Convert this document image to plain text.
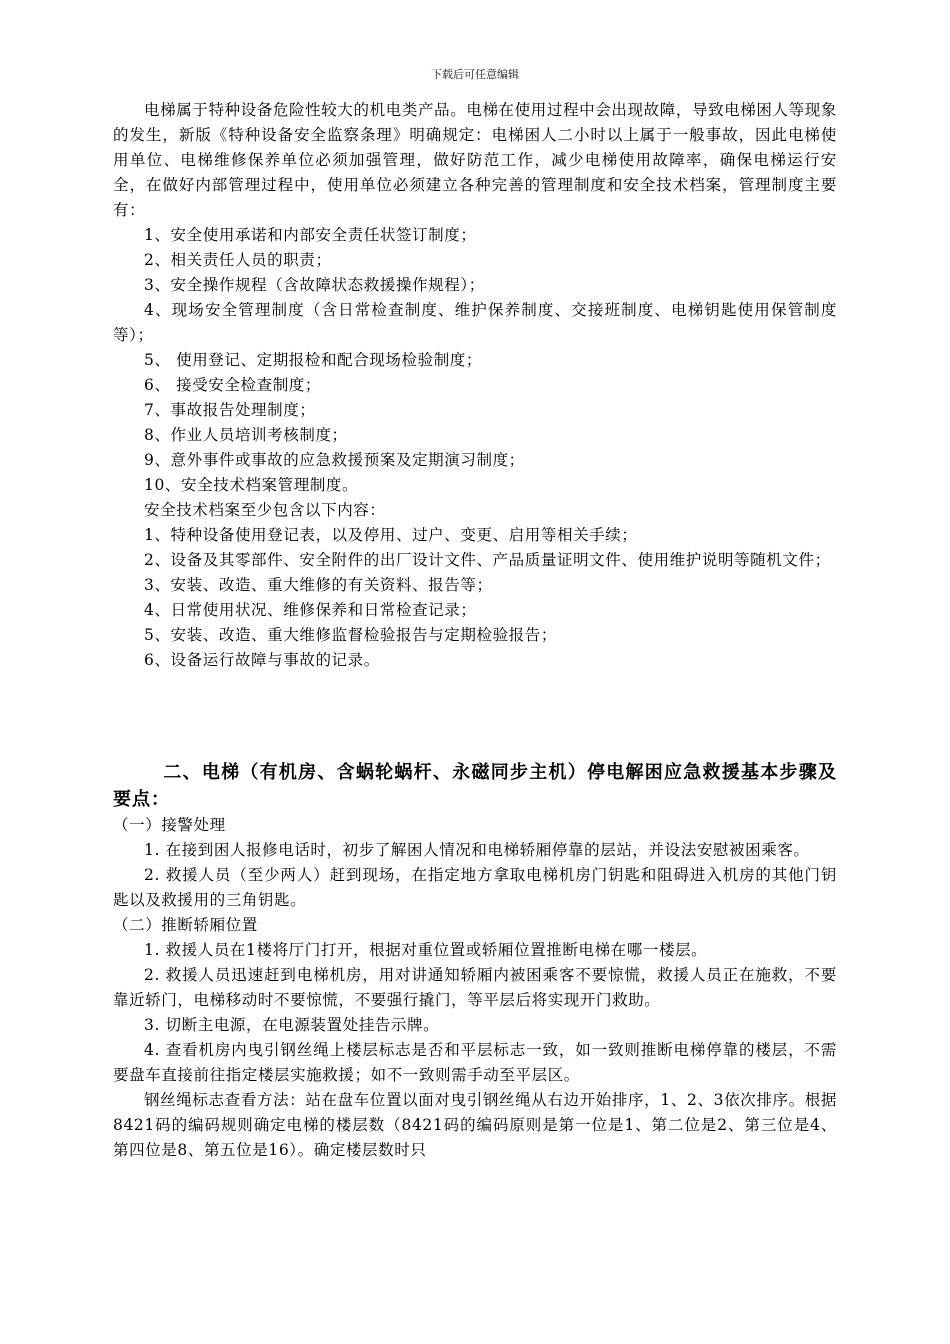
下载后可任意编辑

电梯属于特种设备危险性较大的机电类产品。电梯在使用过程中会出现故障，导致电梯困人等现象的发生，新版《特种设备安全监察条理》明确规定：电梯困人二小时以上属于一般事故，因此电梯使用单位、电梯维修保养单位必须加强管理，做好防范工作，减少电梯使用故障率，确保电梯运行安全，在做好内部管理过程中，使用单位必须建立各种完善的管理制度和安全技术档案，管理制度主要有：

1、安全使用承诺和内部安全责任状签订制度；

2、相关责任人员的职责；

3、安全操作规程（含故障状态救援操作规程）；

4、现场安全管理制度（含日常检查制度、维护保养制度、交接班制度、电梯钥匙使用保管制度等）；

5、 使用登记、定期报检和配合现场检验制度；

6、 接受安全检查制度；

7、事故报告处理制度；

8、作业人员培训考核制度；

9、意外事件或事故的应急救援预案及定期演习制度；

10、安全技术档案管理制度。

安全技术档案至少包含以下内容：

1、特种设备使用登记表，以及停用、过户、变更、启用等相关手续；

2、设备及其零部件、安全附件的出厂设计文件、产品质量证明文件、使用维护说明等随机文件；

3、安装、改造、重大维修的有关资料、报告等；

4、日常使用状况、维修保养和日常检查记录；

5、安装、改造、重大维修监督检验报告与定期检验报告；

6、设备运行故障与事故的记录。

二、电梯（有机房、含蜗轮蜗杆、永磁同步主机）停电解困应急救援基本步骤及要点：

（一）接警处理

1. 在接到困人报修电话时，初步了解困人情况和电梯轿厢停靠的层站，并设法安慰被困乘客。

2. 救援人员（至少两人）赶到现场，在指定地方拿取电梯机房门钥匙和阻碍进入机房的其他门钥匙以及救援用的三角钥匙。

（二）推断轿厢位置

1. 救援人员在1楼将厅门打开，根据对重位置或轿厢位置推断电梯在哪一楼层。

2. 救援人员迅速赶到电梯机房，用对讲通知轿厢内被困乘客不要惊慌，救援人员正在施救，不要靠近轿门，电梯移动时不要惊慌，不要强行撬门，等平层后将实现开门救助。

3. 切断主电源，在电源装置处挂告示牌。

4. 查看机房内曳引钢丝绳上楼层标志是否和平层标志一致，如一致则推断电梯停靠的楼层，不需要盘车直接前往指定楼层实施救援；如不一致则需手动至平层区。

钢丝绳标志查看方法：站在盘车位置以面对曳引钢丝绳从右边开始排序，1、2、3依次排序。根据8421码的编码规则确定电梯的楼层数（8421码的编码原则是第一位是1、第二位是2、第三位是4、第四位是8、第五位是16）。确定楼层数时只
